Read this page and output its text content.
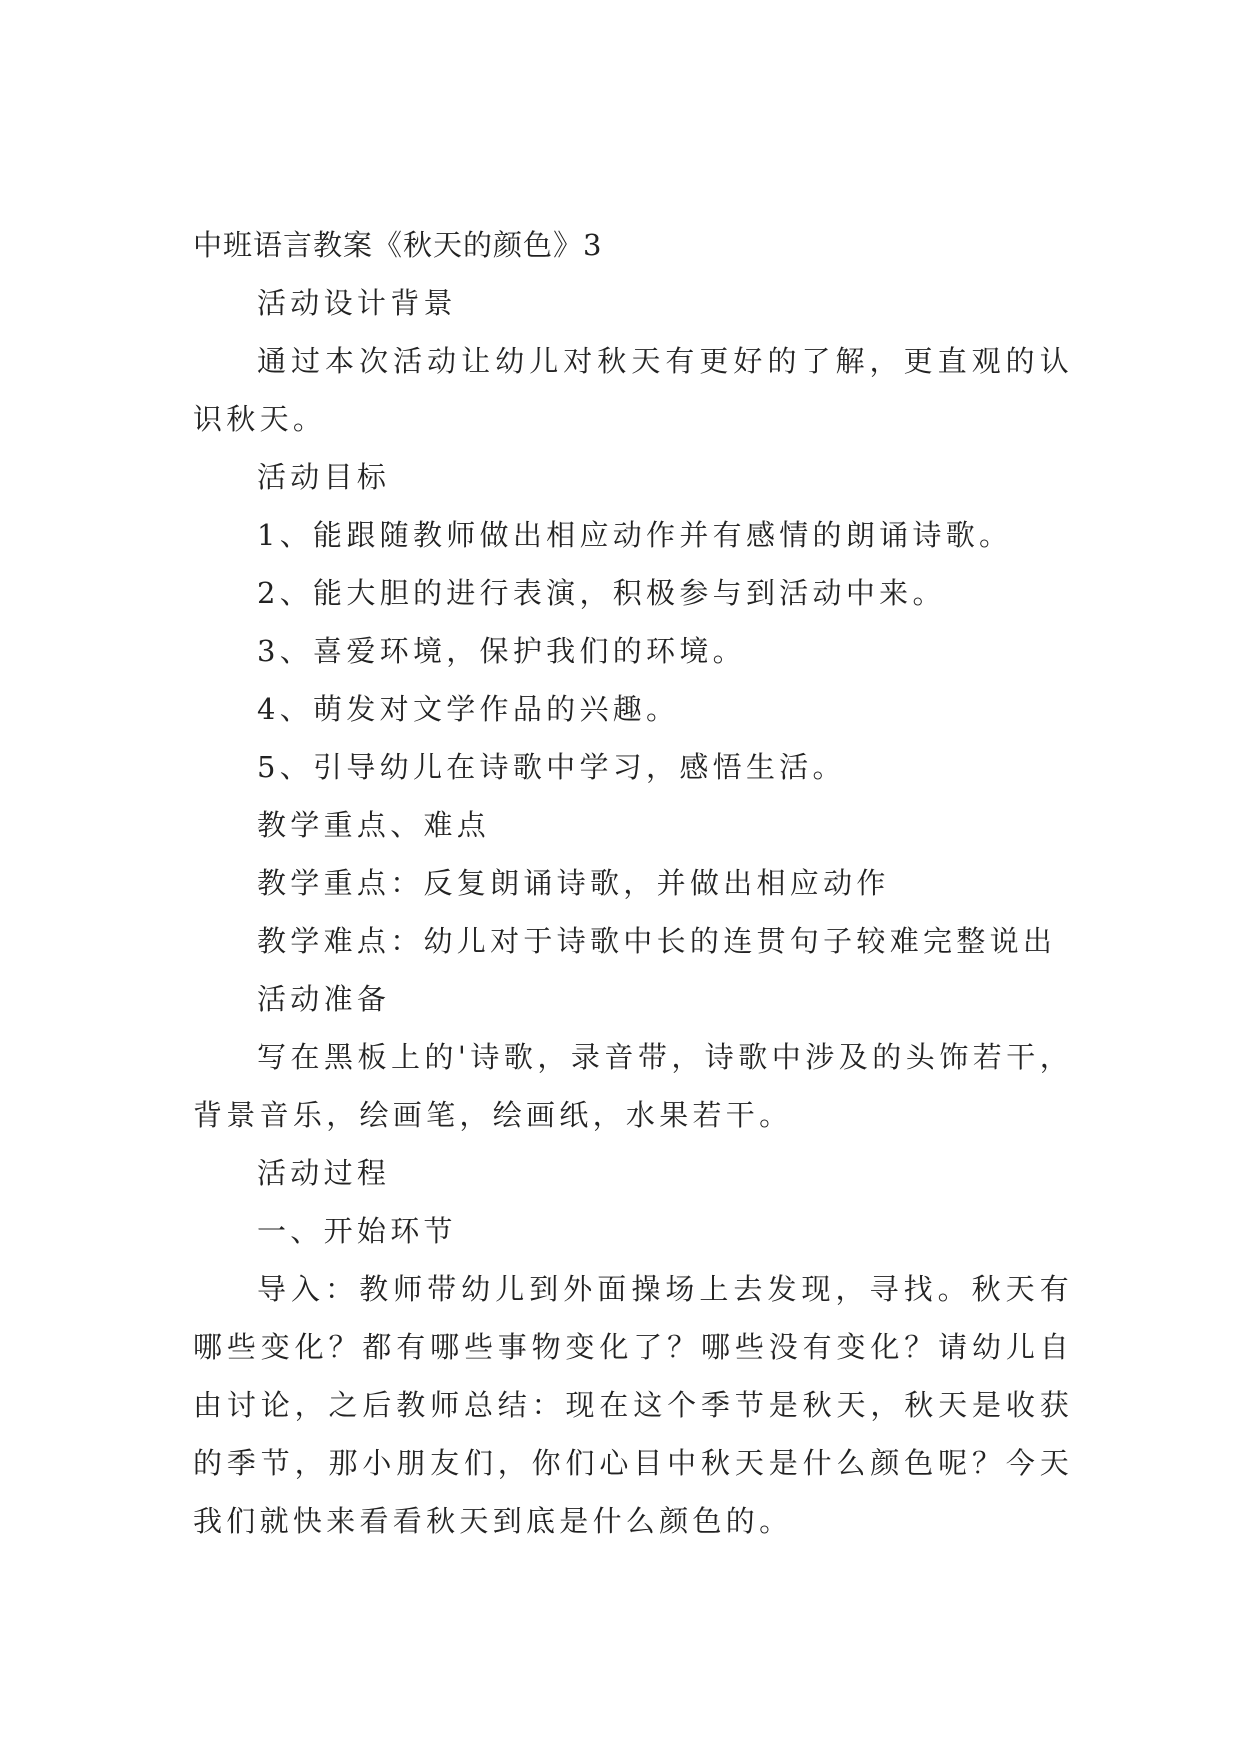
中班语言教案《秋天的颜色》3

活动设计背景

通过本次活动让幼儿对秋天有更好的了解，更直观的认识秋天。

活动目标

1、能跟随教师做出相应动作并有感情的朗诵诗歌。

2、能大胆的进行表演，积极参与到活动中来。

3、喜爱环境，保护我们的环境。

4、萌发对文学作品的兴趣。

5、引导幼儿在诗歌中学习，感悟生活。

教学重点、难点

教学重点：反复朗诵诗歌，并做出相应动作

教学难点：幼儿对于诗歌中长的连贯句子较难完整说出

活动准备

写在黑板上的'诗歌，录音带，诗歌中涉及的头饰若干，背景音乐，绘画笔，绘画纸，水果若干。

活动过程

一、开始环节

导入：教师带幼儿到外面操场上去发现，寻找。秋天有哪些变化？都有哪些事物变化了？哪些没有变化？请幼儿自由讨论，之后教师总结：现在这个季节是秋天，秋天是收获的季节，那小朋友们，你们心目中秋天是什么颜色呢？今天我们就快来看看秋天到底是什么颜色的。
